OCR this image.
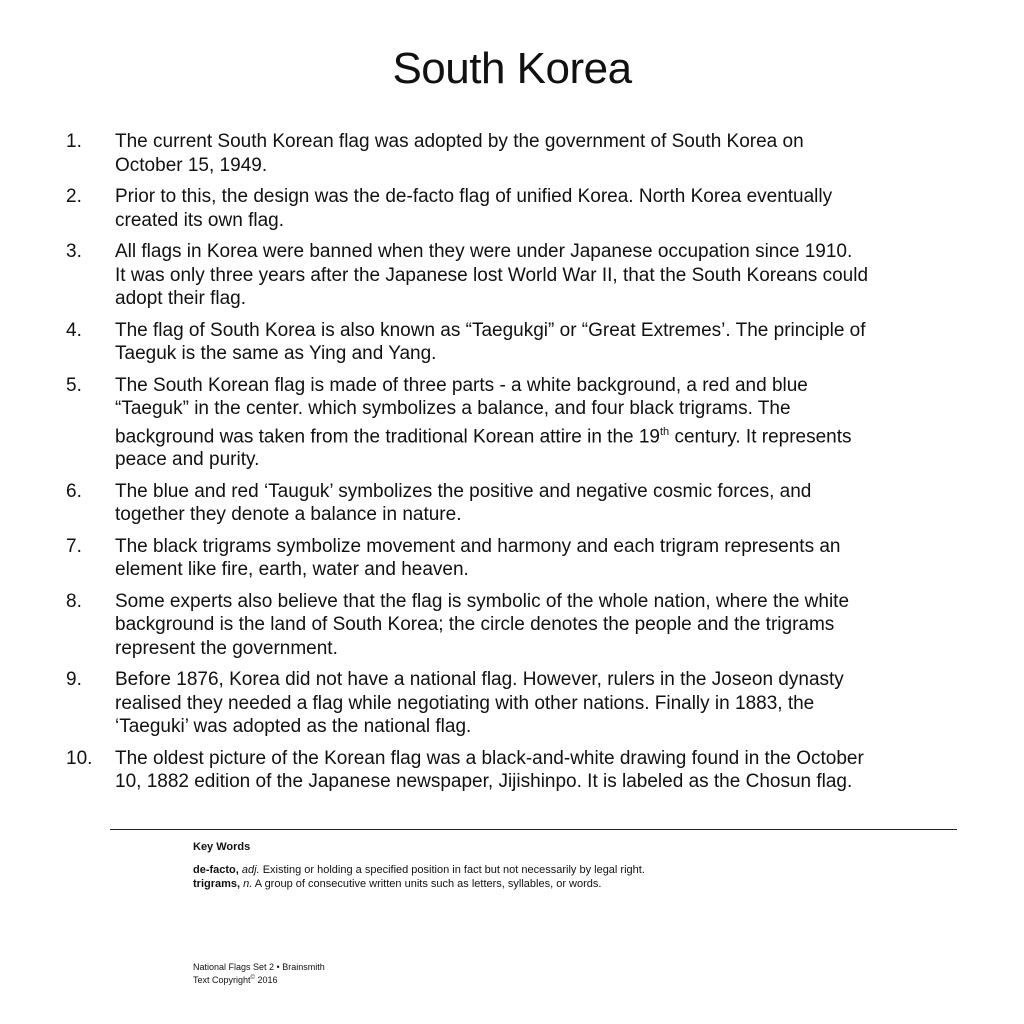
South Korea
1. The current South Korean flag was adopted by the government of South Korea on
October 15, 1949.
2. Prior to this, the design was the de-facto flag of unified Korea. North Korea eventually
created its own flag.
3. All flags in Korea were banned when they were under Japanese occupation since 1910.
It was only three years after the Japanese lost World War II, that the South Koreans could
adopt their flag.
4. The flag of South Korea is also known as “Taegukgi” or “Great Extremes’. The principle of
Taeguk is the same as Ying and Yang.
5. The South Korean flag is made of three parts - a white background, a red and blue
“Taeguk” in the center. which symbolizes a balance, and four black trigrams. The
background was taken from the traditional Korean attire in the 19th century. It represents
peace and purity.
6. The blue and red ‘Tauguk’ symbolizes the positive and negative cosmic forces, and
together they denote a balance in nature.
7. The black trigrams symbolize movement and harmony and each trigram represents an
element like fire, earth, water and heaven.
8. Some experts also believe that the flag is symbolic of the whole nation, where the white
background is the land of South Korea; the circle denotes the people and the trigrams
represent the government.
9. Before 1876, Korea did not have a national flag. However, rulers in the Joseon dynasty
realised they needed a flag while negotiating with other nations. Finally in 1883, the
‘Taeguki’ was adopted as the national flag.
10. The oldest picture of the Korean flag was a black-and-white drawing found in the October
10, 1882 edition of the Japanese newspaper, Jijishinpo. It is labeled as the Chosun flag.
Key Words
de-facto, adj. Existing or holding a specified position in fact but not necessarily by legal right.
trigrams, n. A group of consecutive written units such as letters, syllables, or words.
National Flags Set 2 • Brainsmith
Text Copyright© 2016
